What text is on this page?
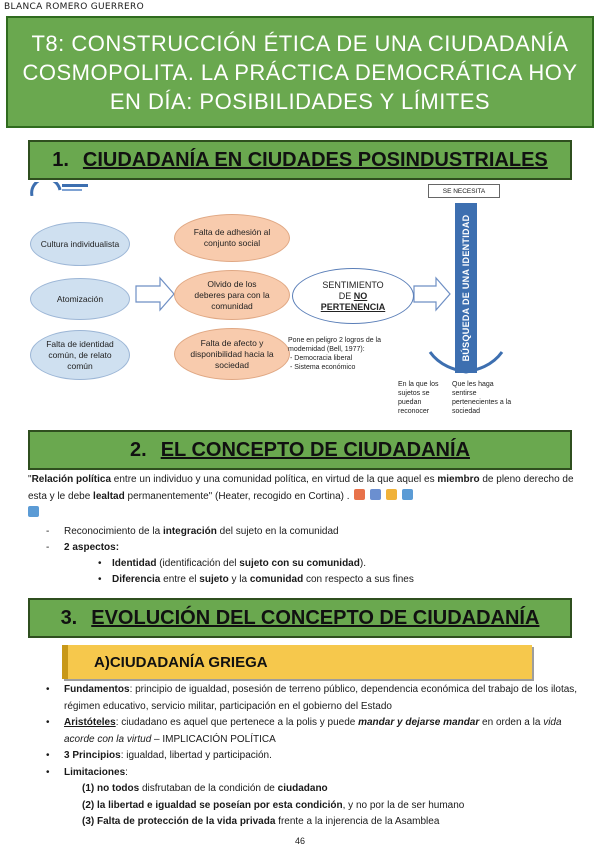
BLANCA ROMERO GUERRERO
T8: CONSTRUCCIÓN ÉTICA DE UNA CIUDADANÍA COSMOPOLITA. LA PRÁCTICA DEMOCRÁTICA HOY EN DÍA: POSIBILIDADES Y LÍMITES
1. CIUDADANÍA EN CIUDADES POSINDUSTRIALES
Cultura individualista
Atomización
Falta de identidad común, de relato común
Falta de adhesión al conjunto social
Olvido de los deberes para con la comunidad
Falta de afecto y disponibilidad hacia la sociedad
SENTIMIENTO
DE NO
PERTENENCIA
SE NECESITA
BÚSQUEDA DE UNA IDENTIDAD
Pone en peligro 2 logros de la modernidad (Bell, 1977):
- Democracia liberal
- Sistema económico
En la que los sujetos se puedan reconocer
Que les haga sentirse pertenecientes a la sociedad
2. EL CONCEPTO DE CIUDADANÍA
"Relación política entre un individuo y una comunidad política, en virtud de la que aquel es miembro de pleno derecho de esta y le debe lealtad permanentemente" (Heater, recogido en Cortina) .

- Reconocimiento de la integración del sujeto en la comunidad
- 2 aspectos:
• Identidad (identificación del sujeto con su comunidad).
• Diferencia entre el sujeto y la comunidad con respecto a sus fines
3. EVOLUCIÓN DEL CONCEPTO DE CIUDADANÍA
A)CIUDADANÍA GRIEGA
•	Fundamentos: principio de igualdad, posesión de terreno público, dependencia económica del trabajo de los ilotas, régimen educativo, servicio militar, participación en el gobierno del Estado
•	Aristóteles: ciudadano es aquel que pertenece a la polis y puede mandar y dejarse mandar en orden a la vida acorde con la virtud – IMPLICACIÓN POLÍTICA
•	3 Principios: igualdad, libertad y participación.
•	Limitaciones:
(1) no todos disfrutaban de la condición de ciudadano
(2) la libertad e igualdad se poseían por esta condición, y no por la de ser humano
(3) Falta de protección de la vida privada frente a la injerencia de la Asamblea
46
